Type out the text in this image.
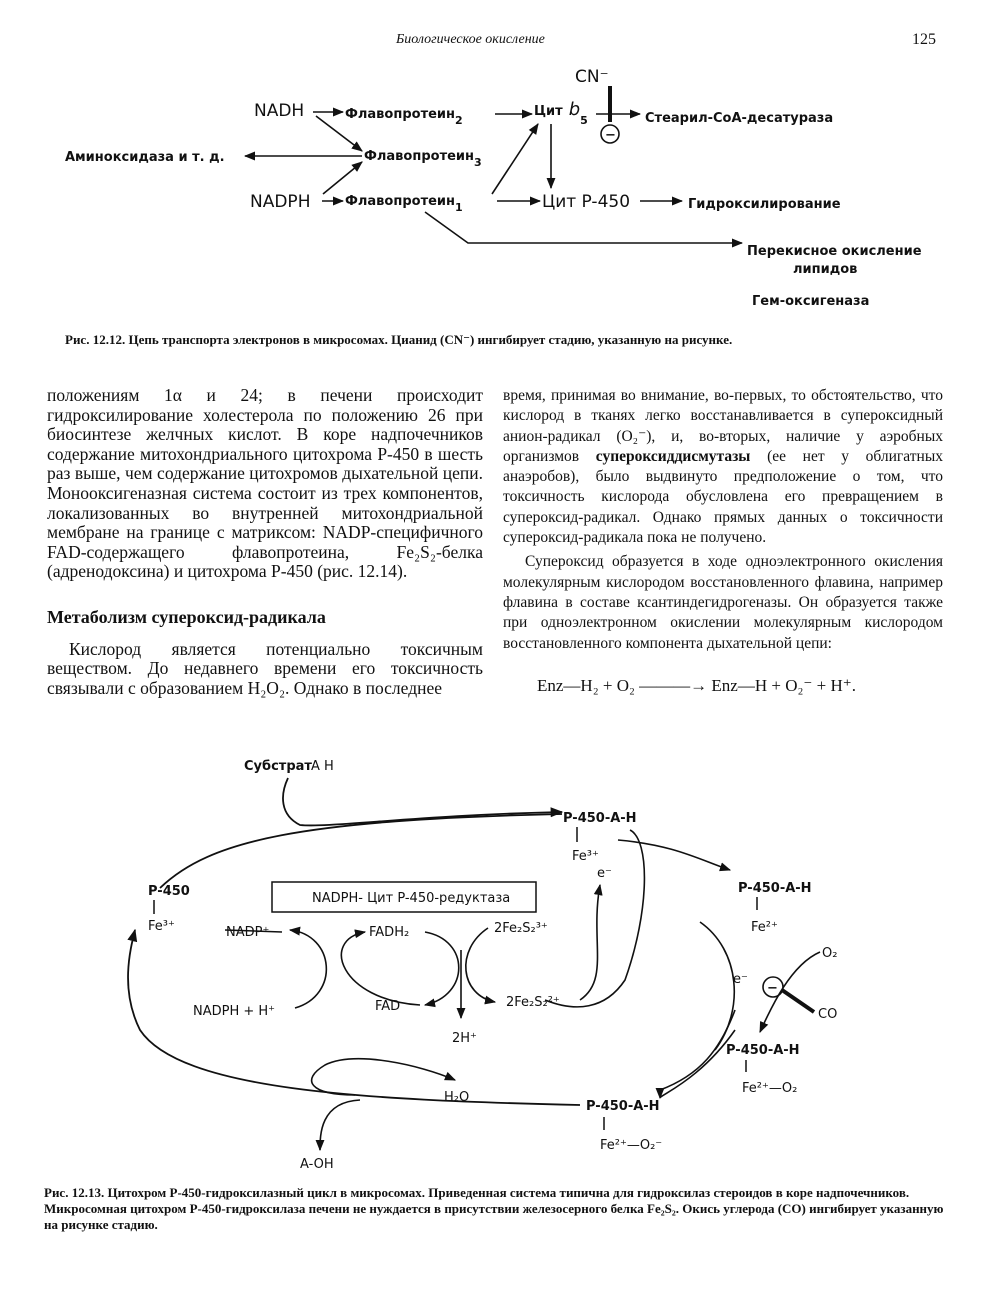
Биологическое окисление	125
CN⁻
−
NADH	Флавопротеин$_2$
Цит $b_5$	Стеарил-СоА-десатураза
Аминоксидаза и т. д.	Флавопротеин$_3$
NADPH	Флавопротеин$_1$	Цит P-450	Гидроксилирование
Перекисное окисление
липидов
Гем-оксигеназа
Рис. 12.12. Цепь транспорта электронов в микросомах. Цианид (CN⁻) ингибирует стадию, указанную на рисунке.

положениям 1α и 24; в печени происходит гидроксилирование холестерола по положению 26 при биосинтезе желчных кислот. В коре надпочечников содержание митохондриального цитохрома P-450 в шесть раз выше, чем содержание цитохромов дыхательной цепи. Монооксигеназная система состоит из трех компонентов, локализованных во внутренней митохондриальной мембране на границе с матриксом: NADP-специфичного FAD-содержащего флавопротеина, Fe₂S₂-белка (адренодоксина) и цитохрома P-450 (рис. 12.14).

Метаболизм супероксид-радикала

Кислород является потенциально токсичным веществом. До недавнего времени его токсичность связывали с образованием H₂O₂. Однако в последнее

время, принимая во внимание, во-первых, то обстоятельство, что кислород в тканях легко восстанавливается в супероксидный анион-радикал (O₂⁻), и, во-вторых, наличие у аэробных организмов супероксиддисмутазы (ее нет у облигатных анаэробов), было выдвинуто предположение о том, что токсичность кислорода обусловлена его превращением в супероксид-радикал. Однако прямых данных о токсичности супероксид-радикала пока не получено.

Супероксид образуется в ходе одноэлектронного окисления молекулярным кислородом восстановленного флавина, например флавина в составе ксантиндегидрогеназы. Он образуется также при одноэлектронном окислении молекулярным кислородом восстановленного компонента дыхательной цепи:

Enz—H₂ + O₂ ———→ Enz—H + O₂⁻ + H⁺.
Субстрат A H
P-450-A-H
Fe³⁺
P-450
Fe³⁺
NADPH- Цит P-450-редуктаза
e⁻
P-450-A-H
Fe²⁺
NADP⁺
NADPH + H⁺
FADH₂
FAD
2Fe₂S₂³⁺
2Fe₂S₂²⁺
2H⁺
H₂O
e⁻
−
CO
O₂
P-450-A-H
Fe²⁺—O₂
P-450-A-H
Fe²⁺—O₂⁻
A-OH
Рис. 12.13. Цитохром P-450-гидроксилазный цикл в микросомах. Приведенная система типична для гидроксилаз стероидов в коре надпочечников. Микросомная цитохром P-450-гидроксилаза печени не нуждается в присутствии железосерного белка Fe₂S₂. Окись углерода (CO) ингибирует указанную на рисунке стадию.
